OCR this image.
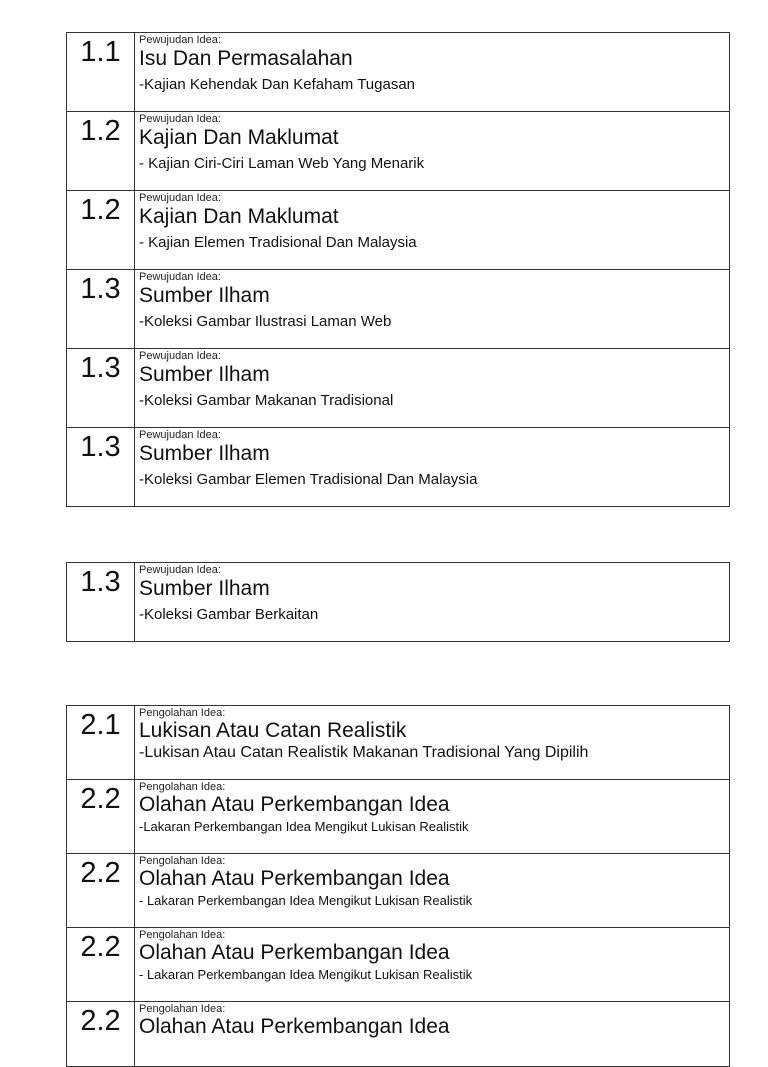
1.1	Pewujudan Idea:
Isu Dan Permasalahan
-Kajian Kehendak Dan Kefaham Tugasan

1.2	Pewujudan Idea:
Kajian Dan Maklumat
- Kajian Ciri-Ciri Laman Web Yang Menarik

1.2	Pewujudan Idea:
Kajian Dan Maklumat
- Kajian Elemen Tradisional Dan Malaysia

1.3	Pewujudan Idea:
Sumber Ilham
-Koleksi Gambar Ilustrasi Laman Web

1.3	Pewujudan Idea:
Sumber Ilham
-Koleksi Gambar Makanan Tradisional

1.3	Pewujudan Idea:
Sumber Ilham
-Koleksi Gambar Elemen Tradisional Dan Malaysia
1.3	Pewujudan Idea:
Sumber Ilham
-Koleksi Gambar Berkaitan
2.1	Pengolahan Idea:
Lukisan Atau Catan Realistik
-Lukisan Atau Catan Realistik Makanan Tradisional Yang Dipilih

2.2	Pengolahan Idea:
Olahan Atau Perkembangan Idea
-Lakaran Perkembangan Idea Mengikut Lukisan Realistik

2.2	Pengolahan Idea:
Olahan Atau Perkembangan Idea
- Lakaran Perkembangan Idea Mengikut Lukisan Realistik

2.2	Pengolahan Idea:
Olahan Atau Perkembangan Idea
- Lakaran Perkembangan Idea Mengikut Lukisan Realistik

2.2	Pengolahan Idea:
Olahan Atau Perkembangan Idea
